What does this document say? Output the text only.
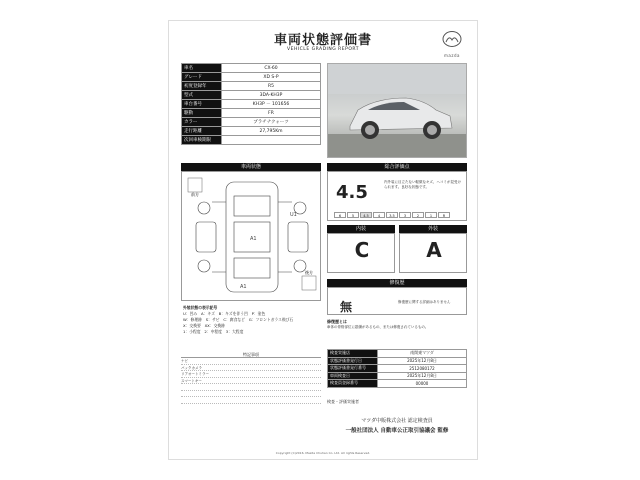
車両状態評価書
VEHICLE GRADING REPORT
mazda
車名	CX-60
グレード	XD S-P
初度登録年	R5
型式	3DA-KH3P
車台番号	KH3P － 101656
駆動	FR
カラー	プラチナクォーツ
走行距離	27,795Km
次回車検期限	
車両状態
前方
後方
A1
U1
A1
外装状態の表示記号
U：凹み　A：キズ　B：キズを伴う凹　P：塗色
W：修理跡　S：サビ　C：腐食など　G：フロントガラス飛び石
X：交換要　XX：交換跡
1：小程度　2：中程度　3：大程度
特記事項
ナビ
バックカメラ
リアオートミラー
スマートキー
総合評価点
4.5	内外装に目立たない軽微なキズ、ヘコミが見受けられます。良好な状態です。
6	5	4.5	4	3.5	3	2	1	R
内装	外装
C	A
修復歴
無	修復歴に関する詳細はありません
修復歴とは
車体の骨格部位に損傷があるもの、または修復されているもの。
検査実施店	南関東マツダ
状態評価書発行日	2025年12月8日
状態評価書発行番号	2512080172
車両検査日	2025年12月8日
検査員登録番号	00000
検査・評価実施者
マツダ中販株式会社 認定検査員
一般社団法人 自動車公正取引協議会 監修
Copyright (C)2016. Mazda Chuhan Co. Ltd. All rights Reserved.
